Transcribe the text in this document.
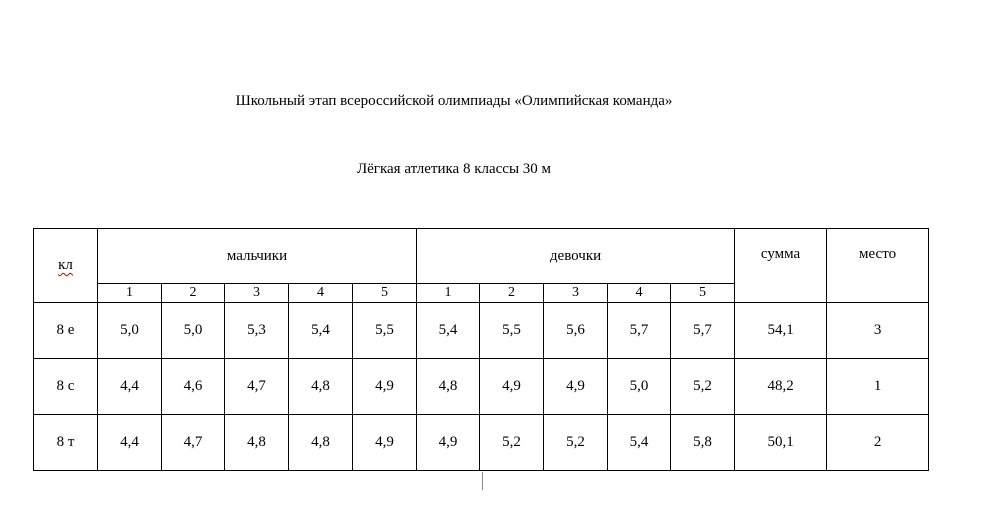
Школьный этап всероссийской олимпиады «Олимпийская команда»
Лёгкая атлетика 8 классы 30 м
кл	мальчики					девочки					сумма	место

	1	2	3	4	5	1	2	3	4	5		
8 е	5,0	5,0	5,3	5,4	5,5	5,4	5,5	5,6	5,7	5,7	54,1	3
8 с	4,4	4,6	4,7	4,8	4,9	4,8	4,9	4,9	5,0	5,2	48,2	1
8 т	4,4	4,7	4,8	4,8	4,9	4,9	5,2	5,2	5,4	5,8	50,1	2
